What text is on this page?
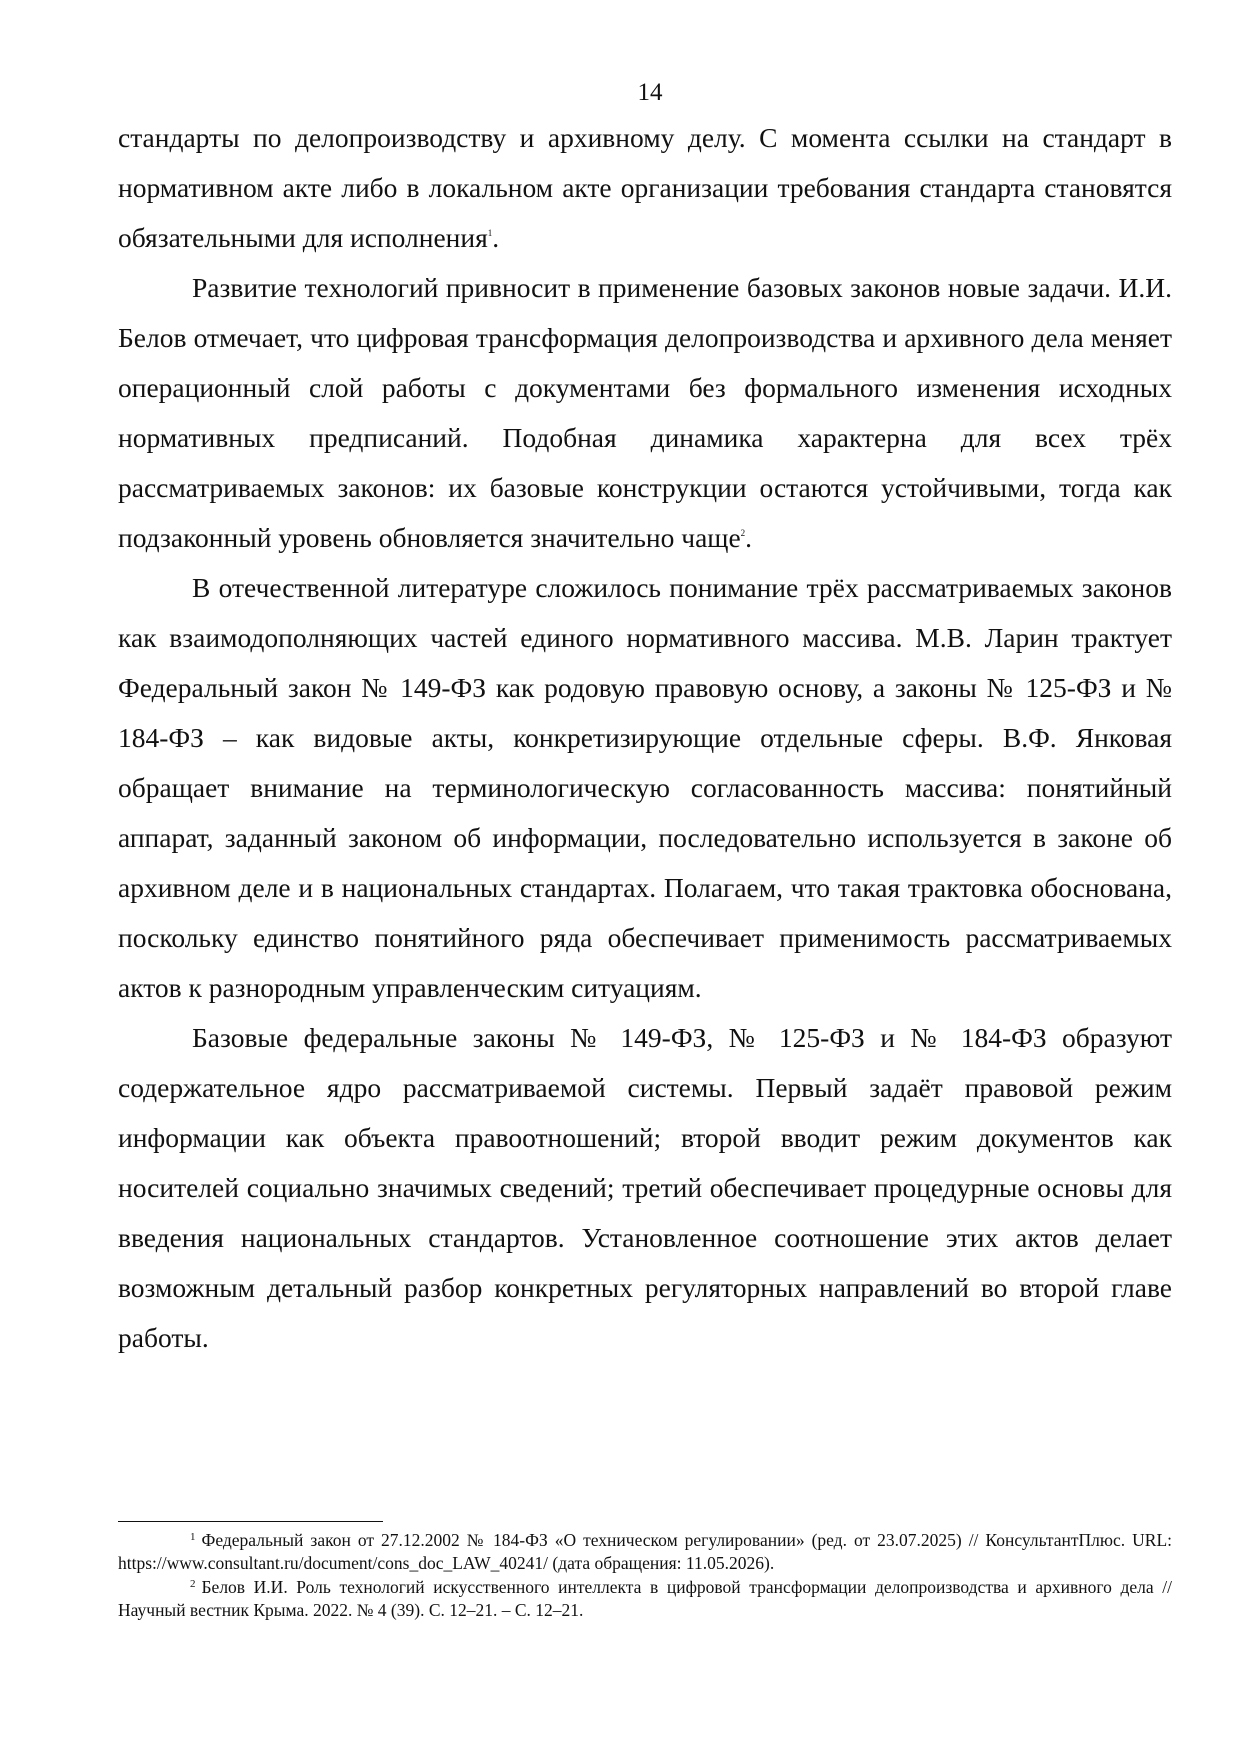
14

стандарты по делопроизводству и архивному делу. С момента ссылки на стандарт в нормативном акте либо в локальном акте организации требования стандарта становятся обязательными для исполнения$^1$.

Развитие технологий привносит в применение базовых законов новые задачи. И.И. Белов отмечает, что цифровая трансформация делопроизводства и архивного дела меняет операционный слой работы с документами без формального изменения исходных нормативных предписаний. Подобная динамика характерна для всех трёх рассматриваемых законов: их базовые конструкции остаются устойчивыми, тогда как подзаконный уровень обновляется значительно чаще$^2$.

В отечественной литературе сложилось понимание трёх рассматриваемых законов как взаимодополняющих частей единого нормативного массива. М.В. Ларин трактует Федеральный закон № 149-ФЗ как родовую правовую основу, а законы № 125-ФЗ и № 184-ФЗ – как видовые акты, конкретизирующие отдельные сферы. В.Ф. Янковая обращает внимание на терминологическую согласованность массива: понятийный аппарат, заданный законом об информации, последовательно используется в законе об архивном деле и в национальных стандартах. Полагаем, что такая трактовка обоснована, поскольку единство понятийного ряда обеспечивает применимость рассматриваемых актов к разнородным управленческим ситуациям.

Базовые федеральные законы № 149-ФЗ, № 125-ФЗ и № 184-ФЗ образуют содержательное ядро рассматриваемой системы. Первый задаёт правовой режим информации как объекта правоотношений; второй вводит режим документов как носителей социально значимых сведений; третий обеспечивает процедурные основы для введения национальных стандартов. Установленное соотношение этих актов делает возможным детальный разбор конкретных регуляторных направлений во второй главе работы.

$^1$ Федеральный закон от 27.12.2002 № 184-ФЗ «О техническом регулировании» (ред. от 23.07.2025) // КонсультантПлюс. URL: https://www.consultant.ru/document/cons_doc_LAW_40241/ (дата обращения: 11.05.2026).

$^2$ Белов И.И. Роль технологий искусственного интеллекта в цифровой трансформации делопроизводства и архивного дела // Научный вестник Крыма. 2022. № 4 (39). С. 12–21. – С. 12–21.
